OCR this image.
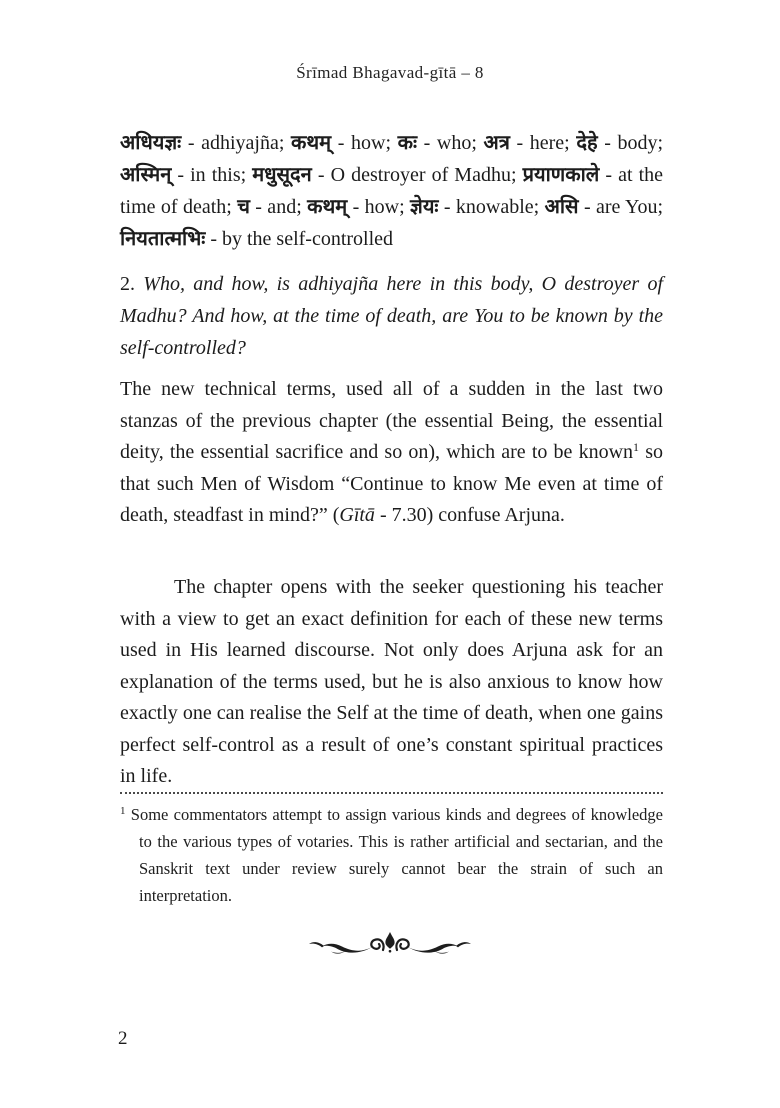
Śrīmad Bhagavad-gītā – 8

अधियज्ञः - adhiyajña; कथम् - how; कः - who; अत्र - here; देहे - body; अस्मिन् - in this; मधुसूदन - O destroyer of Madhu; प्रयाणकाले - at the time of death; च - and; कथम् - how; ज्ञेयः - knowable; असि - are You; नियतात्मभिः - by the self-controlled

2. Who, and how, is adhiyajña here in this body, O destroyer of Madhu? And how, at the time of death, are You to be known by the self-controlled?

The new technical terms, used all of a sudden in the last two stanzas of the previous chapter (the essential Being, the essential deity, the essential sacrifice and so on), which are to be known$^1$ so that such Men of Wisdom “Continue to know Me even at time of death, steadfast in mind?” (Gītā - 7.30) confuse Arjuna.

The chapter opens with the seeker questioning his teacher with a view to get an exact definition for each of these new terms used in His learned discourse. Not only does Arjuna ask for an explanation of the terms used, but he is also anxious to know how exactly one can realise the Self at the time of death, when one gains perfect self-control as a result of one’s constant spiritual practices in life.

$^1$ Some commentators attempt to assign various kinds and degrees of knowledge to the various types of votaries. This is rather artificial and sectarian, and the Sanskrit text under review surely cannot bear the strain of such an interpretation.

2
